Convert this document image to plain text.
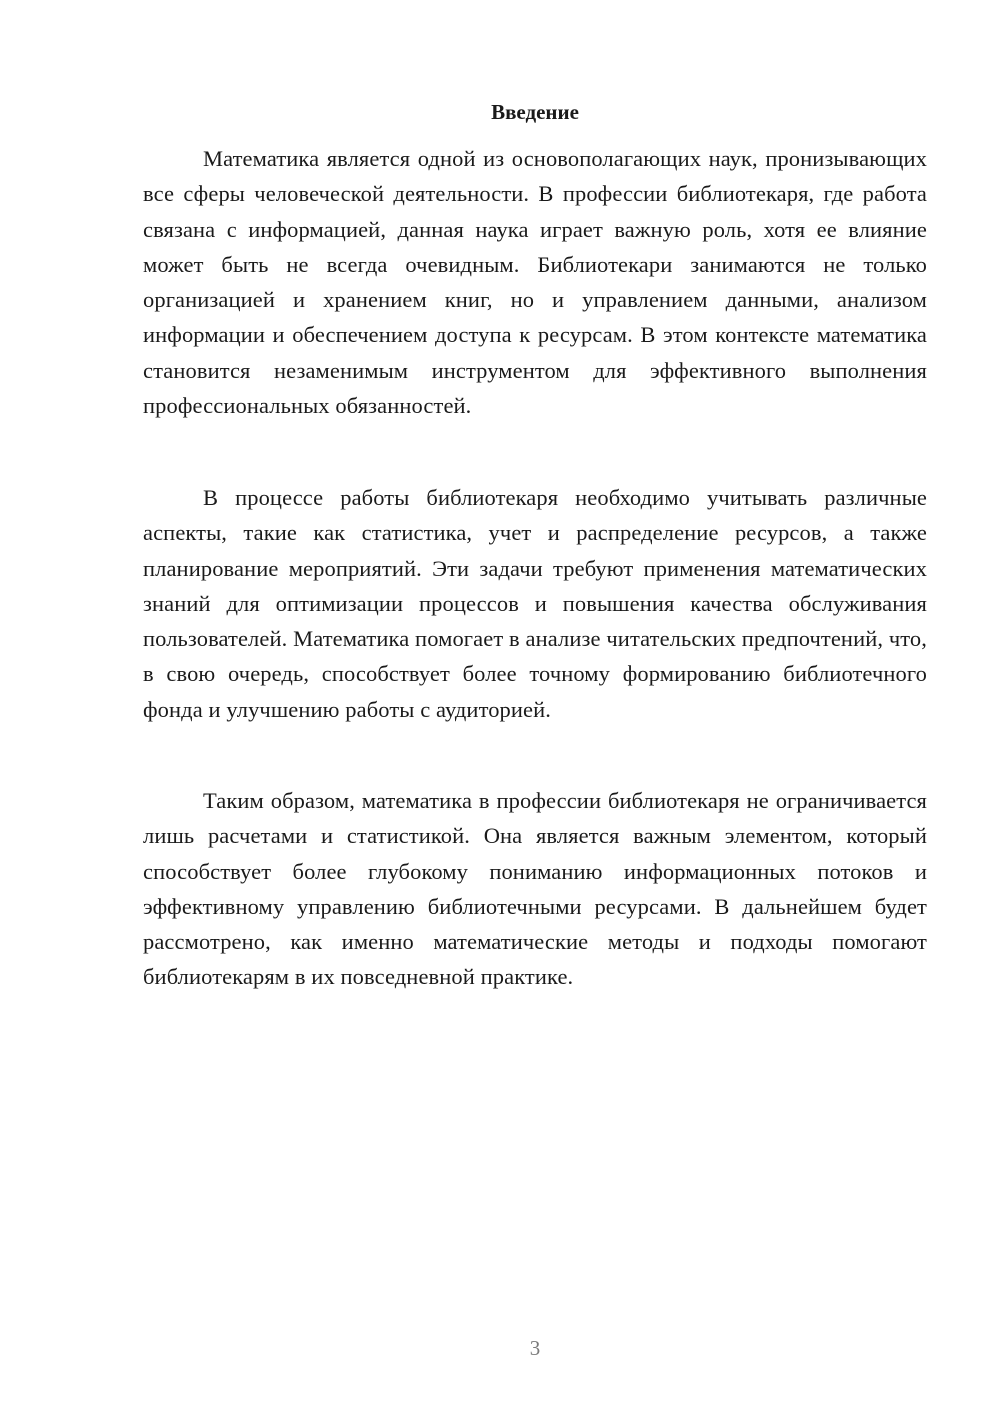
Введение

Математика является одной из основополагающих наук, пронизывающих все сферы человеческой деятельности. В профессии библиотекаря, где работа связана с информацией, данная наука играет важную роль, хотя ее влияние может быть не всегда очевидным. Библиотекари занимаются не только организацией и хранением книг, но и управлением данными, анализом информации и обеспечением доступа к ресурсам. В этом контексте математика становится незаменимым инструментом для эффективного выполнения профессиональных обязанностей.

В процессе работы библиотекаря необходимо учитывать различные аспекты, такие как статистика, учет и распределение ресурсов, а также планирование мероприятий. Эти задачи требуют применения математических знаний для оптимизации процессов и повышения качества обслуживания пользователей. Математика помогает в анализе читательских предпочтений, что, в свою очередь, способствует более точному формированию библиотечного фонда и улучшению работы с аудиторией.

Таким образом, математика в профессии библиотекаря не ограничивается лишь расчетами и статистикой. Она является важным элементом, который способствует более глубокому пониманию информационных потоков и эффективному управлению библиотечными ресурсами. В дальнейшем будет рассмотрено, как именно математические методы и подходы помогают библиотекарям в их повседневной практике.

3
